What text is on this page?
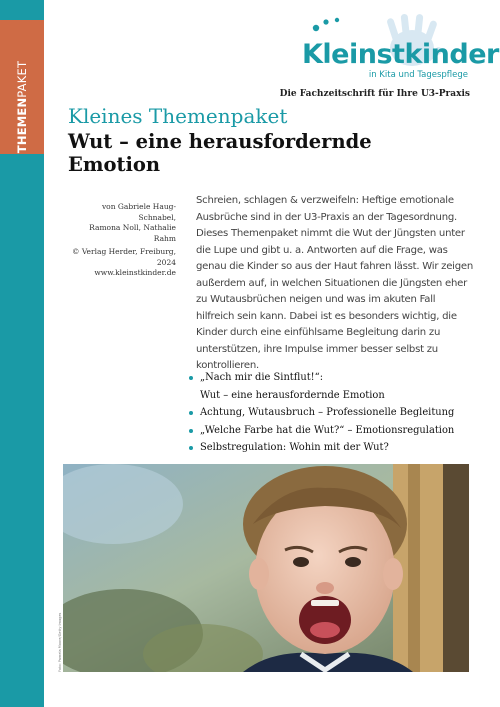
THEMENPAKET
Kleinstkinder
in Kita und Tagespflege
Die Fachzeitschrift für Ihre U3-Praxis
Kleines Themenpaket
Wut – eine herausfordernde Emotion
von Gabriele Haug-Schnabel,
Ramona Noll, Nathalie Rahm
© Verlag Herder, Freiburg, 2024
www.kleinstkinder.de
Schreien, schlagen & verzweifeln: Heftige emotionale Ausbrüche sind in der U3-Praxis an der Tagesordnung. Dieses Themenpaket nimmt die Wut der Jüngsten unter die Lupe und gibt u. a. Antworten auf die Frage, was genau die Kinder so aus der Haut fahren lässt. Wir zeigen außerdem auf, in welchen Situationen die Jüngsten eher zu Wutausbrüchen neigen und was im akuten Fall hilfreich sein kann. Dabei ist es besonders wichtig, die Kinder durch eine einfühlsame Begleitung darin zu unterstützen, ihre Impulse immer besser selbst zu kontrollieren.
„Nach mir die Sintflut!“:
Wut – eine herausfordernde Emotion
Achtung, Wutausbruch – Professionelle Begleitung
„Welche Farbe hat die Wut?“ – Emotionsregulation
Selbstregulation: Wohin mit der Wut?
Foto: Pamela Moore/Getty Images
